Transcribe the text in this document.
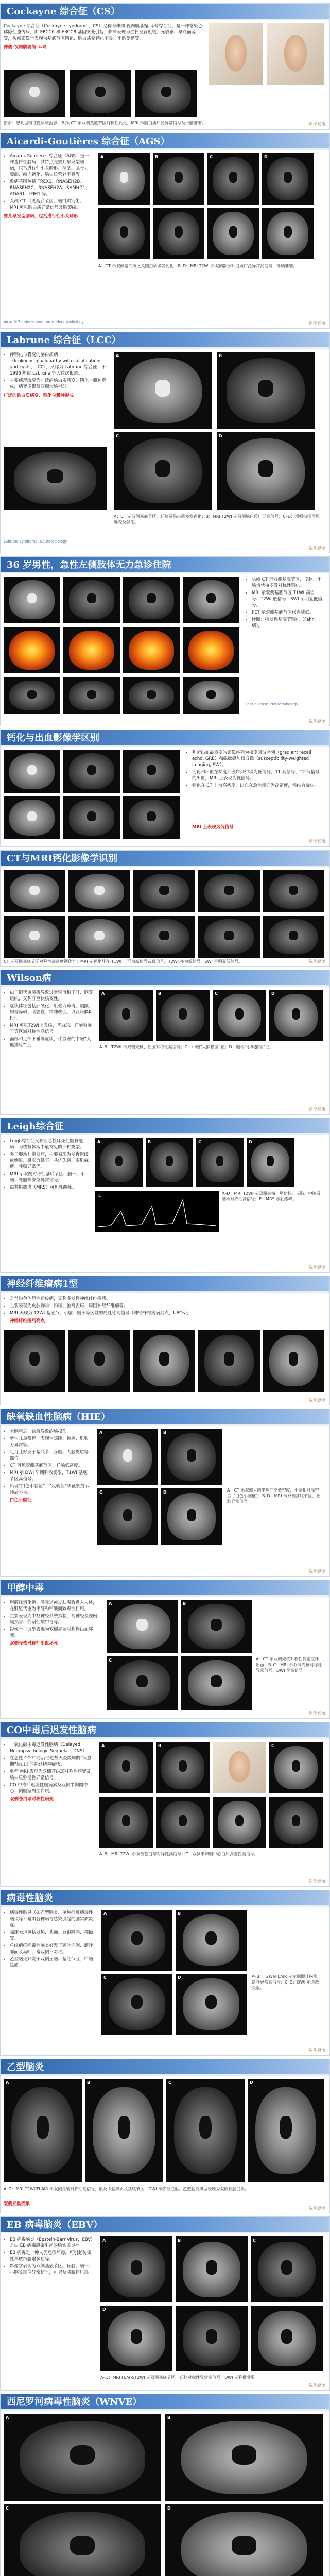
Cockayne 综合征（CS）
Cockayne 综合征（Cockayne syndrome，CS）又称为侏儒-视网膜萎缩-耳聋综合征，是一种常染色体隐性遗传病，由 ERCC6 和 ERCC8 基因突变引起，临床表现为生长发育迟缓、光敏感、早衰面容等，头颅影像学表现为基底节区钙化、脑白质髓鞘化不良、小脑萎缩等。
侏儒-视网膜萎缩-耳聋
图示：患儿呈特征性早衰面容；头颅 CT 示双侧基底节区对称性钙化，MRI 示脑白质广泛异常信号及小脑萎缩。	医学影像
Aicardi-Goutières 综合征（AGS）
• Aicardi-Goutières 综合征（AGS）是一种遗传性脑病，其特点是婴儿早发型脑病，包括进行性小头畸形、痉挛、肌张力障碍、颅内钙化、脑白质营养不良等。
• 致病基因包括 TREX1、RNASEH2B、RNASEH2C、RNASEH2A、SAMHD1、ADAR1、IFIH1 等。
• 头颅 CT 可见基底节区、脑白质钙化，MRI 可见脑白质异常信号及脑萎缩。
婴儿早发型脑病，包括进行性小头畸形
A	B	C	D
A：CT 示双侧基底节区及脑白质多发钙化；B–D：MRI T2WI 示双侧额颞叶白质广泛异常高信号，伴脑萎缩。
Aicardi-Goutières syndrome. Neuroradiology	医学影像
Labrune 综合征（LCC）
• 伴钙化与囊变的脑白质病（leukoencephalopathy with calcifications and cysts，LCC），又称为 Labrune 综合征，于 1996 年由 Labrune 等人首次报道。
• 主要病理改变为广泛的脑白质病变、钙化与囊肿形成，病变多累及双侧大脑半球。
广泛的脑白质病变、钙化与囊肿形成
A	B
C	D
A：CT 示双侧基底节区、丘脑及脑白质多发钙化；B：MRI T2WI 示双侧脑白质广泛高信号；C–D：增强扫描可见囊变及强化。
Labrune syndrome. Neuroradiology
医学影像
36 岁男性，急性左侧肢体无力急诊住院
• 头颅 CT 示双侧基底节区、丘脑、小脑齿状核多发对称性钙化。
• MRI 示双侧基底节区 T1WI 高信号、T2WI 低信号，SWI 示明显低信号。
• PET 示双侧基底节区代谢减低。
• 诊断：特发性基底节钙化（Fahr 病）。
Fahr disease. Neuroradiology
医学影像
钙化与出血影像学区别
• 判断出血最重要的影像序列为梯度回波序列（gradient recall echo, GRE）和磁敏感加权成像（susceptibility-weighted imaging, SW）。
• 钙化和出血在梯度回波序列中均为低信号，T1 高信号、T2 低信号的出血，MRI 上表现为低信号。
• 钙化在 CT 上为高密度，出血在急性期亦为高密度，需结合临床。
MRI 上表现为低信号
医学影像
CT与MRI钙化影像学识别
CT 示双侧基底节区对称性高密度钙化灶；MRI 示钙化灶在 T1WI 上可为高信号或低信号，T2WI 多为低信号，SWI 呈明显低信号。	医学影像
Wilson病
• 由于铜代谢障碍导致过量铜沉积于肝、脑等组织，又称肝豆状核变性。
• 症状体征包括肝硬化、肌张力障碍、震颤、构音障碍、肌强直、精神改变、以及角膜K-F环。
• MRI 可见T2WI上壳核、苍白球、丘脑和脑干等区域对称性高信号。
• 面部和足部下垂等症状，伴显著的中脑“大熊猫脸”征。
A	B	C	D
A–B：T2WI 示双侧壳核、丘脑对称性高信号；C：中脑“大熊猫脸”征；D：脑桥“小熊猫脸”征。
医学影像
Leigh综合征
• Leigh综合征又称亚急性坏死性脑脊髓病，为线粒体病中最常见的一种类型。
• 多于婴幼儿期发病，主要表现为发育迟缓或倒退、肌张力低下、共济失调、眼肌麻痹、呼吸异常等。
• MRI 示双侧对称性基底节区、脑干、小脑、脊髓等部位异常信号。
• 磁共振波谱（MRS）可见乳酸峰。
A	B	C	D
E	A–D：MRI T2WI 示双侧壳核、尾状核、丘脑、中脑及脑桥对称性高信号；E：MRS 示乳酸峰。
医学影像
神经纤维瘤病1型
• 是常染色体显性遗传病，又称多发性神经纤维瘤病。
• 主要表现为皮肤咖啡牛奶斑、腋窝雀斑、周围神经纤维瘤等。
• MRI 表现为 T2WI 基底节、小脑、脑干等区域的局灶性高信号（神经纤维瘤病亮点，UBOs）。
神经纤维瘤病亮点
医学影像
缺氧缺血性脑病（HIE）
• 大脑窒息、缺氧导致的脑损伤。
• 新生儿最常见，表现为嗜睡、惊厥、肌张力异常等。
• 足月儿好发于基底节、丘脑、大脑皮层等部位。
• CT 可见双侧基底节区、丘脑低密度。
• MRI 示 DWI 早期弥散受限，T1WI 基底节区高信号。
• 出现“白色小脑征”、“反转征”等征象提示预后不良。
白色小脑征
A	B
C	D	A：CT 示双侧大脑半球广泛低密度，小脑相对高密度（白色小脑征）；B–D：MRI 示双侧基底节区、丘脑异常信号。
医学影像
甲醇中毒
• 甲醇经消化道、呼吸道或皮肤吸收进入人体，在肝脏代谢为甲醛和甲酸而致毒性作用。
• 主要表现为中枢神经系统抑制、视神经及视网膜损害、代谢性酸中毒等。
• 影像学上典型表现为双侧壳核对称性出血坏死。
双侧壳核对称性出血坏死
A	B
C	A：CT 示双侧壳核对称性低密度伴出血；B–C：MRI 示双侧壳核对称性异常信号，DWI 呈高信号。
医学影像
CO中毒后迟发性脑病
• 一氧化碳中毒迟发性脑病（Delayed Neuropsychologic Sequelae, DNS）
• 在急性 CO 中毒后经过数天至数周的“假愈期”后出现的神经精神症状。
• 典型 MRI 表现为双侧苍白球对称性病变及脑白质弥漫性异常信号。
• CO 中毒后迟发性脑病累及双侧半卵圆中心、侧脑室周围白质。
双侧苍白球对称性病变
A	B	C
A–B：MRI T2WI 示双侧苍白球对称性高信号；C：双侧半卵圆中心白质弥漫性高信号。
医学影像
病毒性脑炎
• 病毒性脑炎（如乙型脑炎、单纯疱疹病毒性脑炎等）是由各种病毒感染引起的脑实质炎症。
• 临床表现包括发热、头痛、意识障碍、抽搐等。
• 单纯疱疹病毒性脑炎好发于颞叶内侧、额叶眶面及岛叶，常双侧不对称。
• 乙型脑炎好发于双侧丘脑、基底节区、中脑黑质。
A	B
C	D	A–B：T2WI/FLAIR 示左侧颞叶内侧、岛叶异常高信号；C–D：DWI 示弥散受限。
医学影像
乙型脑炎
A	B	C	D
A–D：MRI T2WI/FLAIR 示双侧丘脑对称性高信号，累及中脑黑质及基底节区，DWI 示弥散受限。乙型脑炎典型表现为双侧丘脑受累。
双侧丘脑受累
医学影像
EB 病毒脑炎（EBV）
• EB 病毒脑炎（Epstein-Barr virus，EBV）是由 EB 病毒感染引起的脑实质炎症。
• EB 病毒是一种人类疱疹病毒，可引起传染性单核细胞增多症等。
• 影像学表现为双侧基底节区、丘脑、脑干、小脑等部位异常信号，可累及胼胝体压部。
A	B	C
D
A–D：MRI FLAIR/T2WI 示双侧基底节区、丘脑对称性异常高信号，DWI 示弥散受限。
医学影像
西尼罗河病毒性脑炎（WNVE）
A	B
C	D
